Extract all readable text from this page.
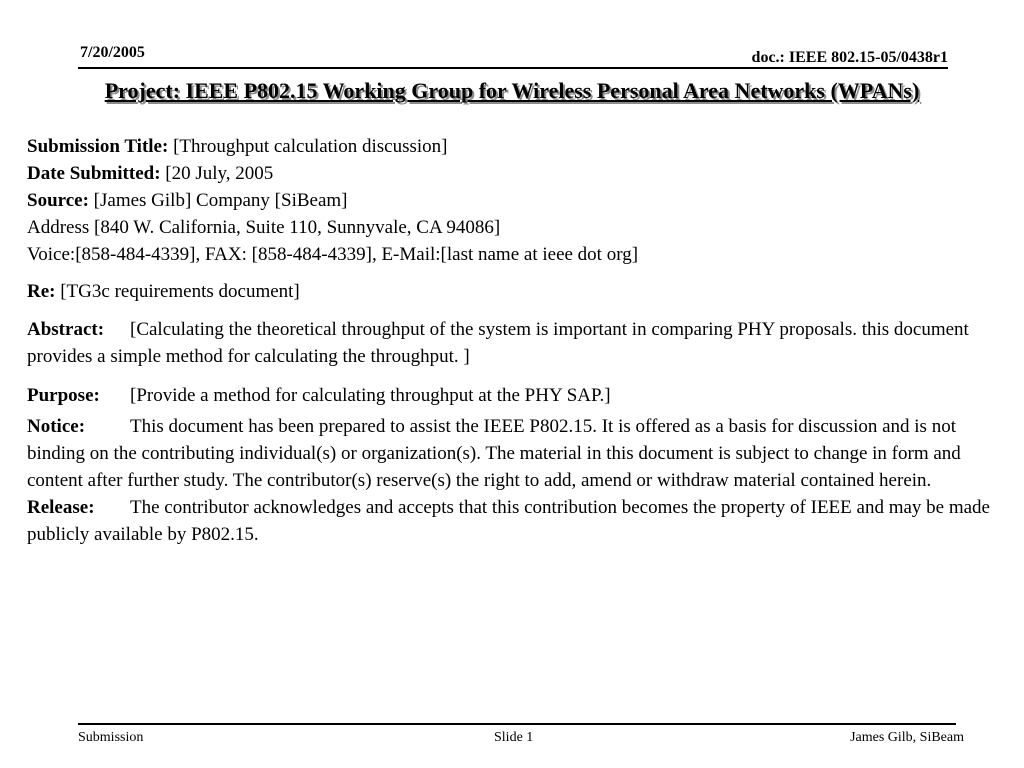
7/20/2005	doc.: IEEE 802.15-05/0438r1
Project: IEEE P802.15 Working Group for Wireless Personal Area Networks (WPANs)

Submission Title: [Throughput calculation discussion]

Date Submitted: [20 July, 2005

Source: [James Gilb] Company [SiBeam]

Address [840 W. California, Suite 110, Sunnyvale, CA 94086]

Voice:[858-484-4339], FAX: [858-484-4339], E-Mail:[last name at ieee dot org]

Re: [TG3c requirements document]

Abstract: [Calculating the theoretical throughput of the system is important in comparing PHY proposals. this document provides a simple method for calculating the throughput. ]

Purpose: [Provide a method for calculating throughput at the PHY SAP.]

Notice: This document has been prepared to assist the IEEE P802.15. It is offered as a basis for discussion and is not binding on the contributing individual(s) or organization(s). The material in this document is subject to change in form and content after further study. The contributor(s) reserve(s) the right to add, amend or withdraw material contained herein.

Release: The contributor acknowledges and accepts that this contribution becomes the property of IEEE and may be made publicly available by P802.15.

Submission	Slide 1	James Gilb, SiBeam
